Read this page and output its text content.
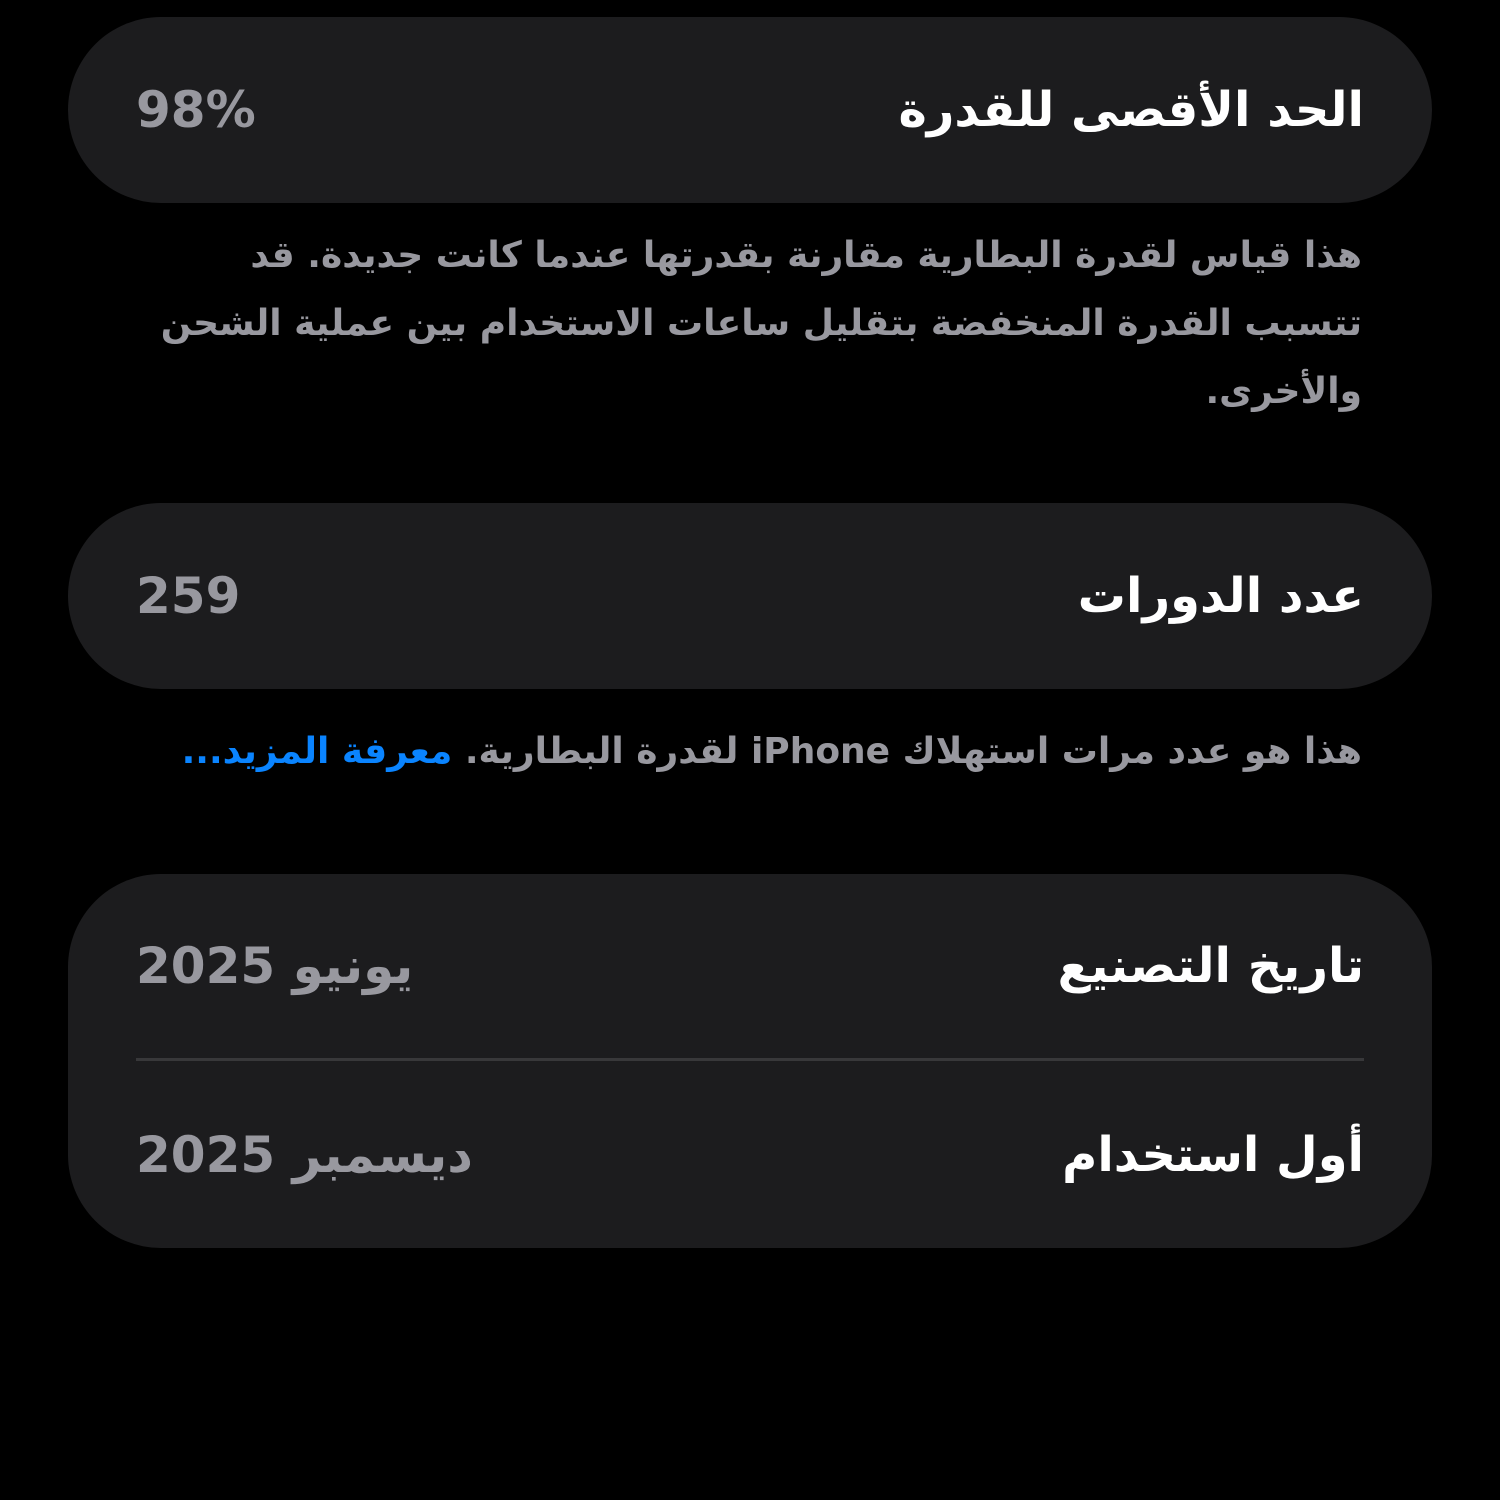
الحد الأقصى للقدرة
98%
هذا قياس لقدرة البطارية مقارنة بقدرتها عندما كانت جديدة. قد تتسبب القدرة المنخفضة بتقليل ساعات الاستخدام بين عملية الشحن والأخرى.
عدد الدورات
259
هذا هو عدد مرات استهلاك iPhone لقدرة البطارية. معرفة المزيد...
تاريخ التصنيع
يونيو 2025
أول استخدام
ديسمبر 2025
